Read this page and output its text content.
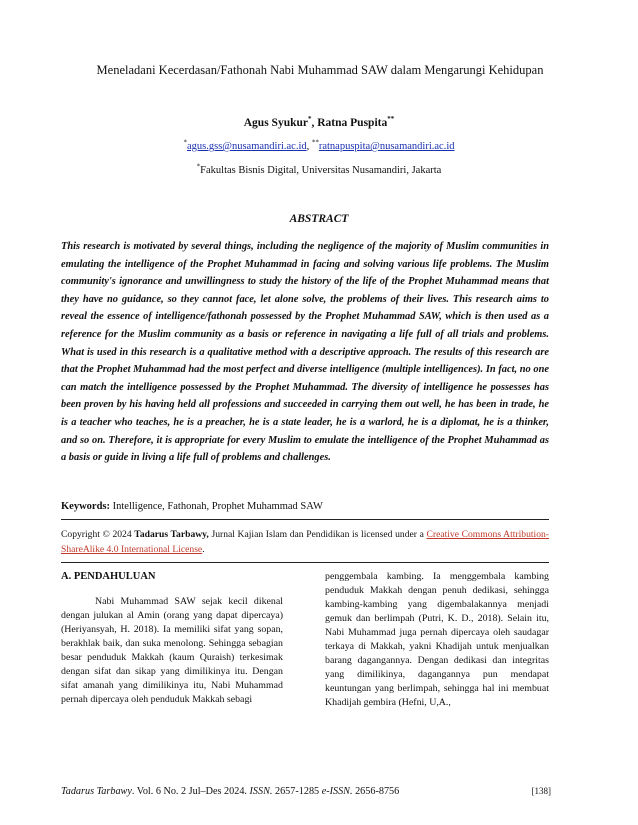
Meneladani Kecerdasan/Fathonah Nabi Muhammad SAW dalam Mengarungi Kehidupan
Agus Syukur*, Ratna Puspita**
*agus.gss@nusamandiri.ac.id, **ratnapuspita@nusamandiri.ac.id
*Fakultas Bisnis Digital, Universitas Nusamandiri, Jakarta
ABSTRACT
This research is motivated by several things, including the negligence of the majority of Muslim communities in emulating the intelligence of the Prophet Muhammad in facing and solving various life problems. The Muslim community's ignorance and unwillingness to study the history of the life of the Prophet Muhammad means that they have no guidance, so they cannot face, let alone solve, the problems of their lives. This research aims to reveal the essence of intelligence/fathonah possessed by the Prophet Muhammad SAW, which is then used as a reference for the Muslim community as a basis or reference in navigating a life full of all trials and problems. What is used in this research is a qualitative method with a descriptive approach. The results of this research are that the Prophet Muhammad had the most perfect and diverse intelligence (multiple intelligences). In fact, no one can match the intelligence possessed by the Prophet Muhammad. The diversity of intelligence he possesses has been proven by his having held all professions and succeeded in carrying them out well, he has been in trade, he is a teacher who teaches, he is a preacher, he is a state leader, he is a warlord, he is a diplomat, he is a thinker, and so on. Therefore, it is appropriate for every Muslim to emulate the intelligence of the Prophet Muhammad as a basis or guide in living a life full of problems and challenges.
Keywords: Intelligence, Fathonah, Prophet Muhammad SAW
Copyright © 2024 Tadarus Tarbawy, Jurnal Kajian Islam dan Pendidikan is licensed under a Creative Commons Attribution-ShareAlike 4.0 International License.
A. PENDAHULUAN

Nabi Muhammad SAW sejak kecil dikenal dengan julukan al Amin (orang yang dapat dipercaya) (Heriyansyah, H. 2018). Ia memiliki sifat yang sopan, berakhlak baik, dan suka menolong. Sehingga sebagian besar penduduk Makkah (kaum Quraish) terkesimak dengan sifat dan sikap yang dimilikinya itu. Dengan sifat amanah yang dimilikinya itu, Nabi Muhammad pernah dipercaya oleh penduduk Makkah sebagi

penggembala kambing. Ia menggembala kambing penduduk Makkah dengan penuh dedikasi, sehingga kambing-kambing yang digembalakannya menjadi gemuk dan berlimpah (Putri, K. D., 2018). Selain itu, Nabi Muhammad juga pernah dipercaya oleh saudagar terkaya di Makkah, yakni Khadijah untuk menjualkan barang dagangannya. Dengan dedikasi dan integritas yang dimilikinya, dagangannya pun mendapat keuntungan yang berlimpah, sehingga hal ini membuat Khadijah gembira (Hefni, U,A.,

Tadarus Tarbawy. Vol. 6 No. 2 Jul–Des 2024. ISSN. 2657-1285 e-ISSN. 2656-8756	[138]
